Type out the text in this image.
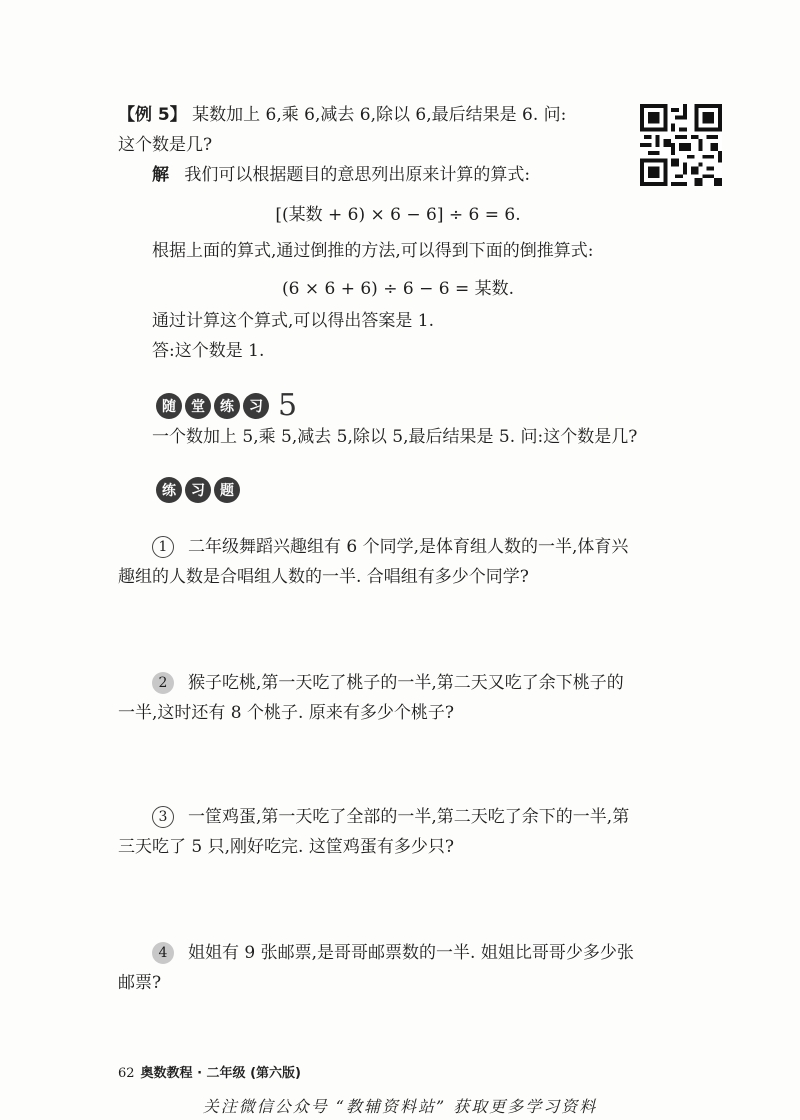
【例 5】 某数加上 6,乘 6,减去 6,除以 6,最后结果是 6. 问:
这个数是几?

解 我们可以根据题目的意思列出原来计算的算式:

[(某数 + 6) × 6 − 6] ÷ 6 = 6.

根据上面的算式,通过倒推的方法,可以得到下面的倒推算式:

(6 × 6 + 6) ÷ 6 − 6 = 某数.

通过计算这个算式,可以得出答案是 1.

答:这个数是 1.

随	堂	练	习 5

一个数加上 5,乘 5,减去 5,除以 5,最后结果是 5. 问:这个数是几?

练	习	题

1 二年级舞蹈兴趣组有 6 个同学,是体育组人数的一半,体育兴
趣组的人数是合唱组人数的一半. 合唱组有多少个同学?

2 猴子吃桃,第一天吃了桃子的一半,第二天又吃了余下桃子的
一半,这时还有 8 个桃子. 原来有多少个桃子?

3 一筐鸡蛋,第一天吃了全部的一半,第二天吃了余下的一半,第
三天吃了 5 只,刚好吃完. 这筐鸡蛋有多少只?

4 姐姐有 9 张邮票,是哥哥邮票数的一半. 姐姐比哥哥少多少张
邮票?

62 奥数教程 · 二年级 (第六版)
关注微信公众号 “教辅资料站” 获取更多学习资料
